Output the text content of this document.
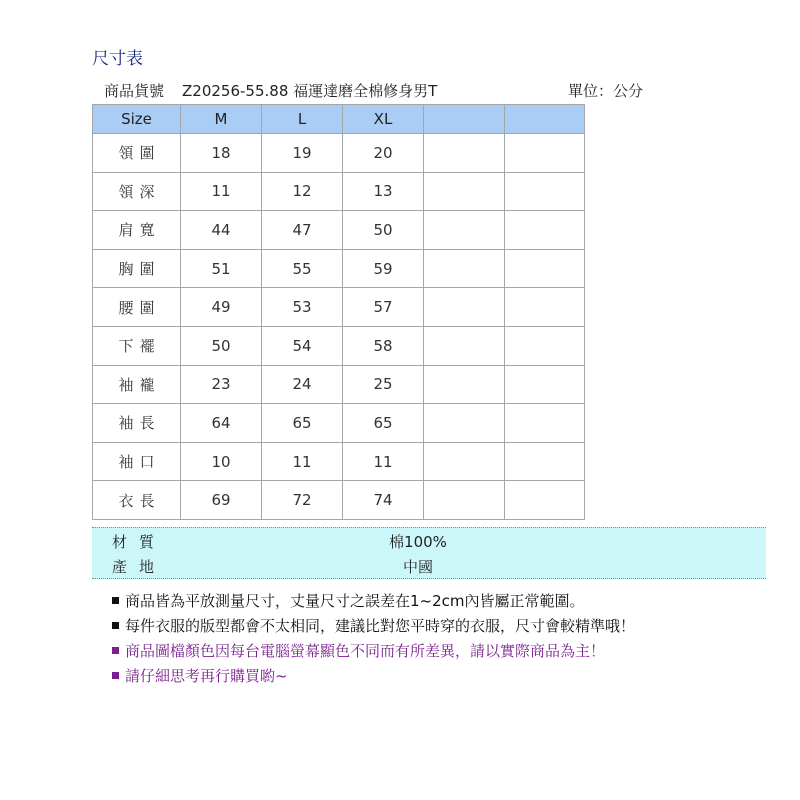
尺寸表
商品貨號 Z20256-55.88 福運達磨全棉修身男T	單位：公分
Size	M	L	XL		
領圍	18	19	20		
領深	11	12	13		
肩寬	44	47	50		
胸圍	51	55	59		
腰圍	49	53	57		
下襬	50	54	58		
袖襱	23	24	25		
袖長	64	65	65		
袖口	10	11	11		
衣長	69	72	74		
材質	棉100%
產地	中國
商品皆為平放測量尺寸，丈量尺寸之誤差在1~2cm內皆屬正常範圍。
每件衣服的版型都會不太相同，建議比對您平時穿的衣服，尺寸會較精準哦！
商品圖檔顏色因每台電腦螢幕顯色不同而有所差異，請以實際商品為主！
請仔細思考再行購買喲~
